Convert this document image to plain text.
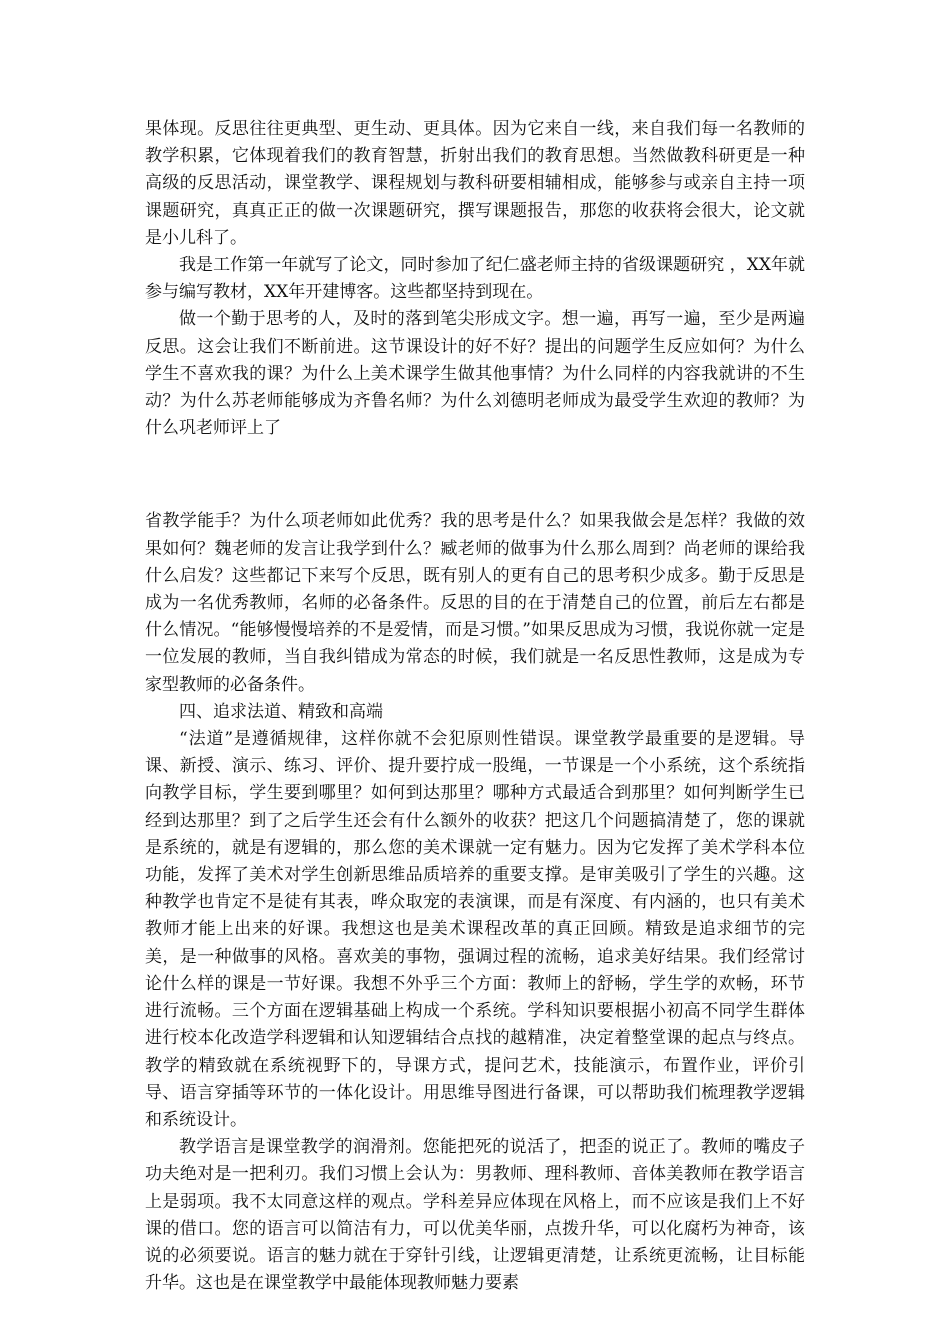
果体现。反思往往更典型、更生动、更具体。因为它来自一线，来自我们每一名教师的教学积累，它体现着我们的教育智慧，折射出我们的教育思想。当然做教科研更是一种高级的反思活动，课堂教学、课程规划与教科研要相辅相成，能够参与或亲自主持一项课题研究，真真正正的做一次课题研究，撰写课题报告，那您的收获将会很大，论文就是小儿科了。

我是工作第一年就写了论文，同时参加了纪仁盛老师主持的省级课题研究 ，XX年就参与编写教材，XX年开建博客。这些都坚持到现在。

做一个勤于思考的人，及时的落到笔尖形成文字。想一遍，再写一遍，至少是两遍反思。这会让我们不断前进。这节课设计的好不好？提出的问题学生反应如何？为什么学生不喜欢我的课？为什么上美术课学生做其他事情？为什么同样的内容我就讲的不生动？为什么苏老师能够成为齐鲁名师？为什么刘德明老师成为最受学生欢迎的教师？为什么巩老师评上了

省教学能手？为什么项老师如此优秀？我的思考是什么？如果我做会是怎样？我做的效果如何？魏老师的发言让我学到什么？臧老师的做事为什么那么周到？尚老师的课给我什么启发？这些都记下来写个反思，既有别人的更有自己的思考积少成多。勤于反思是成为一名优秀教师，名师的必备条件。反思的目的在于清楚自己的位置，前后左右都是什么情况。“能够慢慢培养的不是爱情，而是习惯。”如果反思成为习惯，我说你就一定是一位发展的教师，当自我纠错成为常态的时候，我们就是一名反思性教师，这是成为专家型教师的必备条件。

四、追求法道、精致和高端

“法道”是遵循规律，这样你就不会犯原则性错误。课堂教学最重要的是逻辑。导课、新授、演示、练习、评价、提升要拧成一股绳，一节课是一个小系统，这个系统指向教学目标，学生要到哪里？如何到达那里？哪种方式最适合到那里？如何判断学生已经到达那里？到了之后学生还会有什么额外的收获？把这几个问题搞清楚了，您的课就是系统的，就是有逻辑的，那么您的美术课就一定有魅力。因为它发挥了美术学科本位功能，发挥了美术对学生创新思维品质培养的重要支撑。是审美吸引了学生的兴趣。这种教学也肯定不是徒有其表，哗众取宠的表演课，而是有深度、有内涵的，也只有美术教师才能上出来的好课。我想这也是美术课程改革的真正回顾。精致是追求细节的完美，是一种做事的风格。喜欢美的事物，强调过程的流畅，追求美好结果。我们经常讨论什么样的课是一节好课。我想不外乎三个方面：教师上的舒畅，学生学的欢畅，环节进行流畅。三个方面在逻辑基础上构成一个系统。学科知识要根据小初高不同学生群体进行校本化改造学科逻辑和认知逻辑结合点找的越精准，决定着整堂课的起点与终点。教学的精致就在系统视野下的，导课方式，提问艺术，技能演示，布置作业，评价引导、语言穿插等环节的一体化设计。用思维导图进行备课，可以帮助我们梳理教学逻辑和系统设计。

教学语言是课堂教学的润滑剂。您能把死的说活了，把歪的说正了。教师的嘴皮子功夫绝对是一把利刃。我们习惯上会认为：男教师、理科教师、音体美教师在教学语言上是弱项。我不太同意这样的观点。学科差异应体现在风格上，而不应该是我们上不好课的借口。您的语言可以简洁有力，可以优美华丽，点拨升华，可以化腐朽为神奇，该说的必须要说。语言的魅力就在于穿针引线，让逻辑更清楚，让系统更流畅，让目标能升华。这也是在课堂教学中最能体现教师魅力要素
